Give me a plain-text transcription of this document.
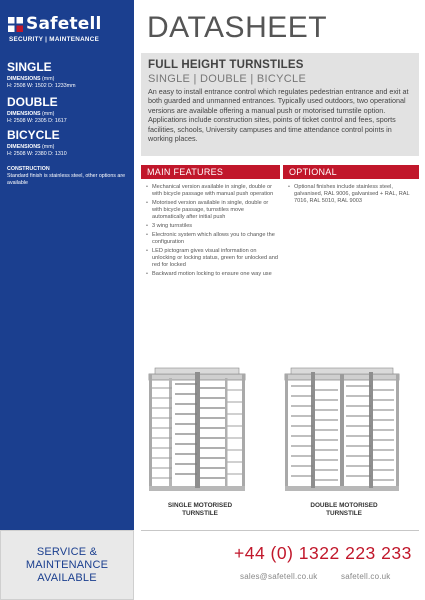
Safetell
SECURITY | MAINTENANCE
SINGLE
DIMENSIONS (mm)
H: 2508 W: 1502 D: 1233mm
DOUBLE
DIMENSIONS (mm)
H: 2508 W: 2305 D: 1617
BICYCLE
DIMENSIONS (mm)
H: 2508 W: 2380 D: 1310
CONSTRUCTION
Standard finish is stainless steel, other options are available
SERVICE & MAINTENANCE AVAILABLE
DATASHEET
FULL HEIGHT TURNSTILES
SINGLE | DOUBLE | BICYCLE
An easy to install entrance control which regulates pedestrian entrance and exit at both guarded and unmanned entrances. Typically used outdoors, two operational versions are available offering a manual push or motorised turnstile option. Applications include construction sites, points of ticket control and fees, sports facilities, schools, University campuses and time attendance control points in working places.
MAIN FEATURES	OPTIONAL
• Mechanical version available in single, double or with bicycle passage with manual push operation
• Motorised version available in single, double or with bicycle passage, turnstiles move automatically after initial push
• 3 wing turnstiles
• Electronic system which allows you to change the configuration
• LED pictogram gives visual information on unlocking or locking status, green for unlocked and red for locked
• Backward motion locking to ensure one way use
• Optional finishes include stainless steel, galvanised, RAL 9006, galvanised + RAL, RAL 7016, RAL 5010, RAL 9003
SINGLE MOTORISED TURNSTILE
DOUBLE MOTORISED TURNSTILE
+44 (0) 1322 223 233
sales@safetell.co.uk	safetell.co.uk
